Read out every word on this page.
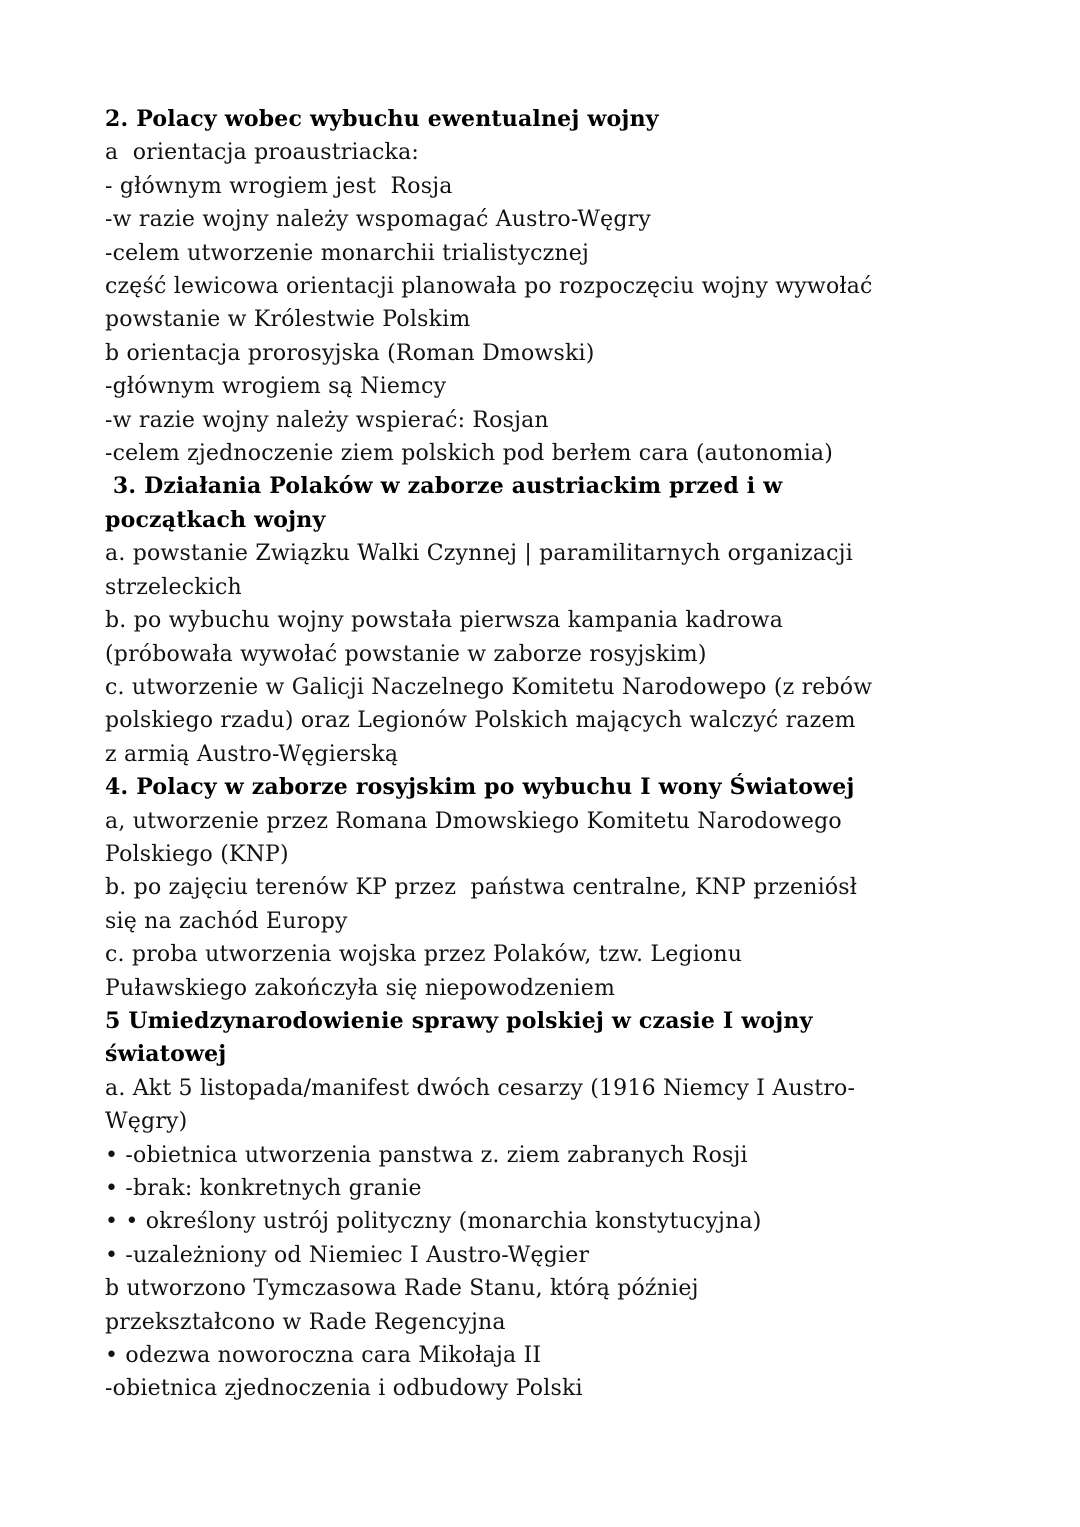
2. Polacy wobec wybuchu ewentualnej wojny
a  orientacja proaustriacka:
- głównym wrogiem jest  Rosja
-w razie wojny należy wspomagać Austro-Węgry
-celem utworzenie monarchii trialistycznej
część lewicowa orientacji planowała po rozpoczęciu wojny wywołać
powstanie w Królestwie Polskim
b orientacja prorosyjska (Roman Dmowski)
-głównym wrogiem są Niemcy
-w razie wojny należy wspierać: Rosjan
-celem zjednoczenie ziem polskich pod berłem cara (autonomia)
3. Działania Polaków w zaborze austriackim przed i w
początkach wojny
a. powstanie Związku Walki Czynnej | paramilitarnych organizacji
strzeleckich
b. po wybuchu wojny powstała pierwsza kampania kadrowa
(próbowała wywołać powstanie w zaborze rosyjskim)
c. utworzenie w Galicji Naczelnego Komitetu Narodowepo (z rebów
polskiego rzadu) oraz Legionów Polskich mających walczyć razem
z armią Austro-Węgierską
4. Polacy w zaborze rosyjskim po wybuchu I wony Światowej
a, utworzenie przez Romana Dmowskiego Komitetu Narodowego
Polskiego (KNP)
b. po zajęciu terenów KP przez  państwa centralne, KNP przeniósł
się na zachód Europy
c. proba utworzenia wojska przez Polaków, tzw. Legionu
Puławskiego zakończyła się niepowodzeniem
5 Umiedzynarodowienie sprawy polskiej w czasie I wojny
światowej
a. Akt 5 listopada/manifest dwóch cesarzy (1916 Niemcy I Austro-
Węgry)
• -obietnica utworzenia panstwa z. ziem zabranych Rosji
• -brak: konkretnych granie
• • określony ustrój polityczny (monarchia konstytucyjna)
• -uzależniony od Niemiec I Austro-Węgier
b utworzono Tymczasowa Rade Stanu, którą później
przekształcono w Rade Regencyjna
• odezwa noworoczna cara Mikołaja II
-obietnica zjednoczenia i odbudowy Polski
